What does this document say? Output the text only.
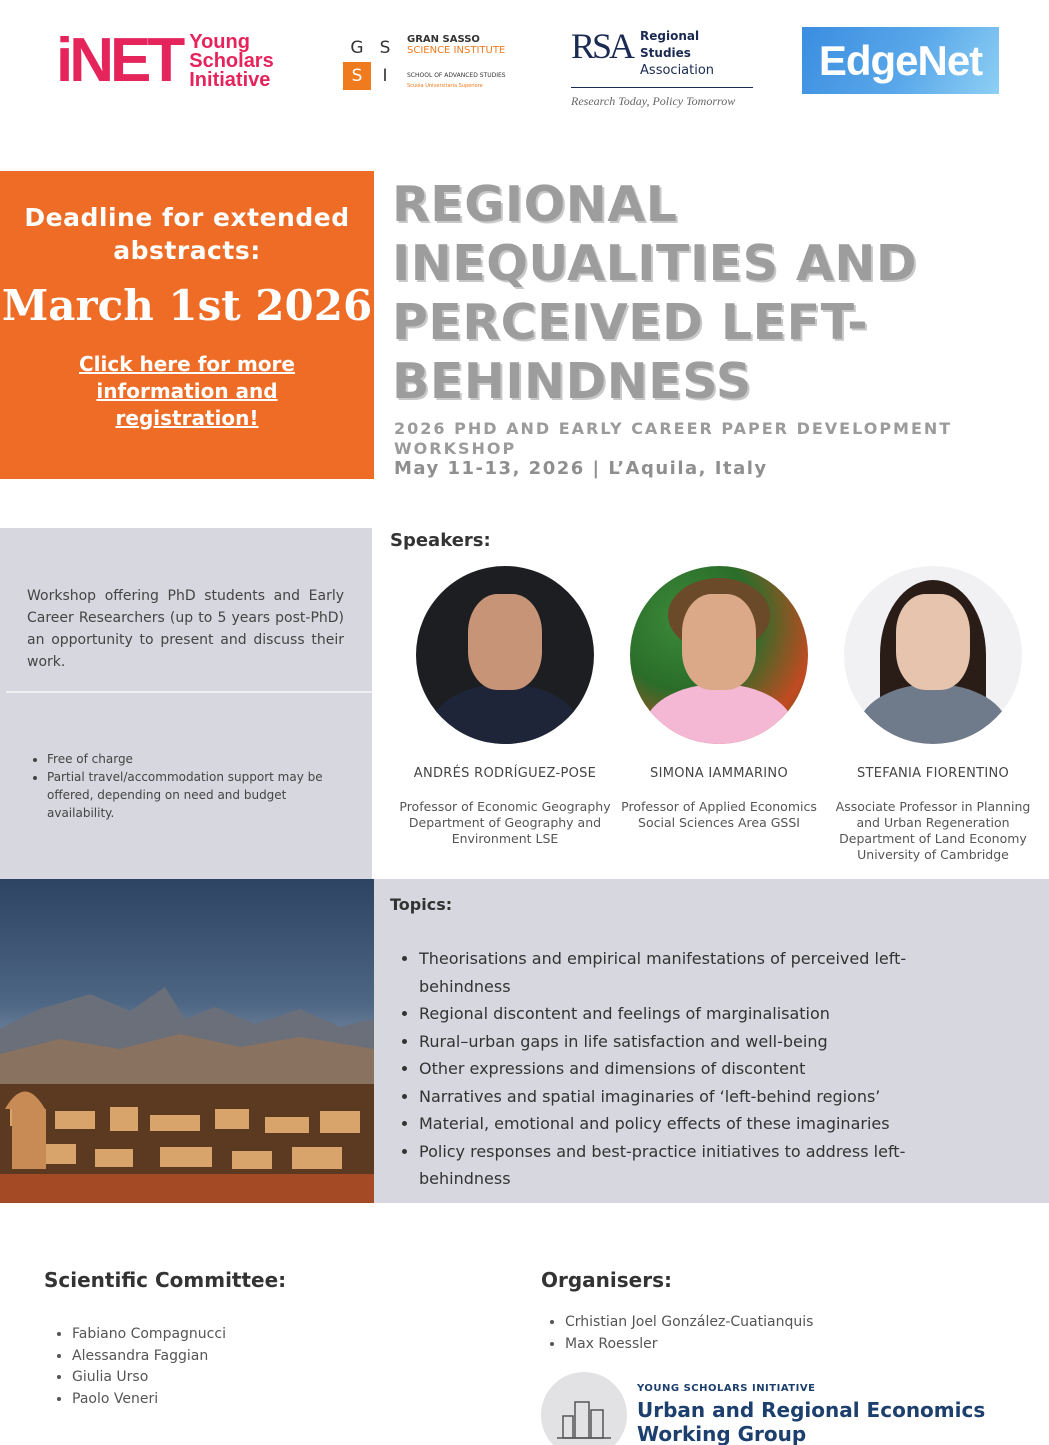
iNET Young
Scholars
Initiative
G S
S	I
GRAN SASSO
SCIENCE INSTITUTE
SCHOOL OF ADVANCED STUDIES
Scuola Universitaria Superiore
RSA Regional Studies
Association
Research Today, Policy Tomorrow
EdgeNet
Deadline for extended abstracts:
March 1st 2026
Click here for more information and registration!
REGIONAL INEQUALITIES AND PERCEIVED LEFT-BEHINDNESS
2026 PHD AND EARLY CAREER PAPER DEVELOPMENT WORKSHOP
May 11-13, 2026 | L’Aquila, Italy

Workshop offering PhD students and Early Career Researchers (up to 5 years post-PhD) an opportunity to present and discuss their work.

• Free of charge
• Partial travel/accommodation support may be offered, depending on need and budget availability.
Speakers:
ANDRÉS RODRÍGUEZ-POSE
Professor of Economic Geography Department of Geography and Environment LSE
SIMONA IAMMARINO
Professor of Applied Economics Social Sciences Area GSSI
STEFANIA FIORENTINO
Associate Professor in Planning and Urban Regeneration Department of Land Economy University of Cambridge
Topics:
• Theorisations and empirical manifestations of perceived left-behindness
• Regional discontent and feelings of marginalisation
• Rural–urban gaps in life satisfaction and well-being
• Other expressions and dimensions of discontent
• Narratives and spatial imaginaries of ‘left-behind regions’
• Material, emotional and policy effects of these imaginaries
• Policy responses and best-practice initiatives to address left-behindness
Scientific Committee:
• Fabiano Compagnucci
• Alessandra Faggian
• Giulia Urso
• Paolo Veneri
Organisers:
• Crhistian Joel González-Cuatianquis
• Max Roessler
YOUNG SCHOLARS INITIATIVE
Urban and Regional Economics Working Group
